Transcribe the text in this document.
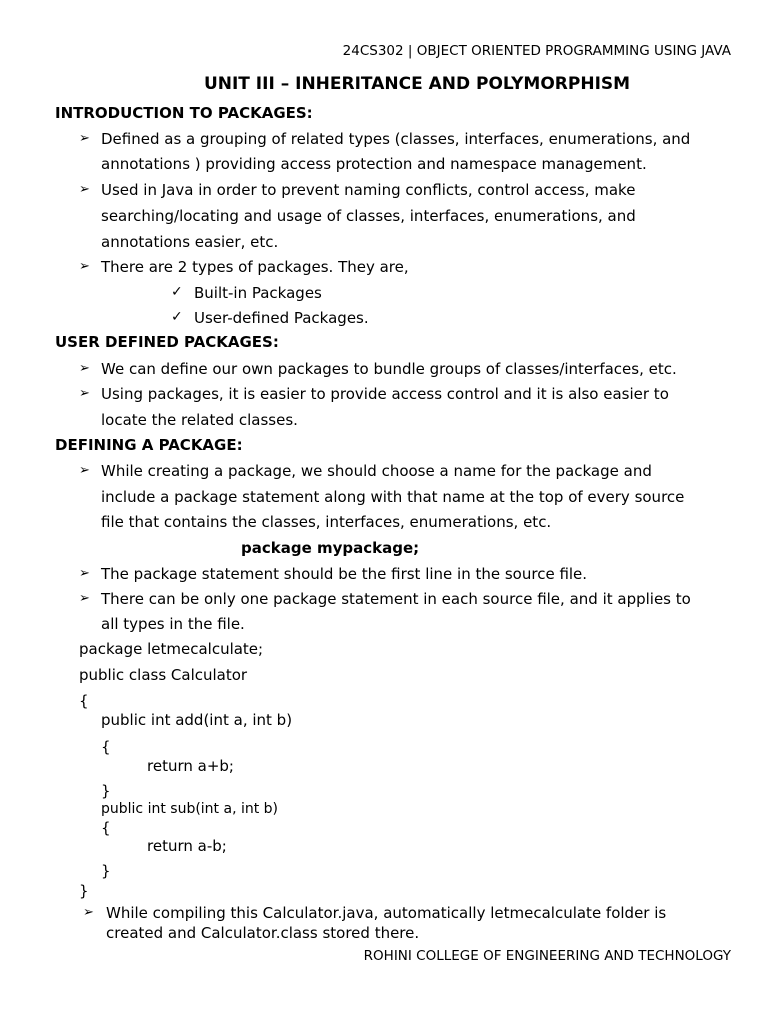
24CS302 | OBJECT ORIENTED PROGRAMMING USING JAVA
UNIT III – INHERITANCE AND POLYMORPHISM
INTRODUCTION TO PACKAGES:
➢ Defined as a grouping of related types (classes, interfaces, enumerations, and
annotations ) providing access protection and namespace management.
➢ Used in Java in order to prevent naming conflicts, control access, make
searching/locating and usage of classes, interfaces, enumerations, and
annotations easier, etc.
➢ There are 2 types of packages. They are,
✓ Built-in Packages
✓ User-defined Packages.
USER DEFINED PACKAGES:
➢ We can define our own packages to bundle groups of classes/interfaces, etc.
➢ Using packages, it is easier to provide access control and it is also easier to
locate the related classes.
DEFINING A PACKAGE:
➢ While creating a package, we should choose a name for the package and
include a package statement along with that name at the top of every source
file that contains the classes, interfaces, enumerations, etc.
package mypackage;
➢ The package statement should be the first line in the source file.
➢ There can be only one package statement in each source file, and it applies to
all types in the file.
package letmecalculate;
public class Calculator
{
public int add(int a, int b)
{
return a+b;
}
public int sub(int a, int b)
{
return a-b;
}
}
➢ While compiling this Calculator.java, automatically letmecalculate folder is
created and Calculator.class stored there.
ROHINI COLLEGE OF ENGINEERING AND TECHNOLOGY
